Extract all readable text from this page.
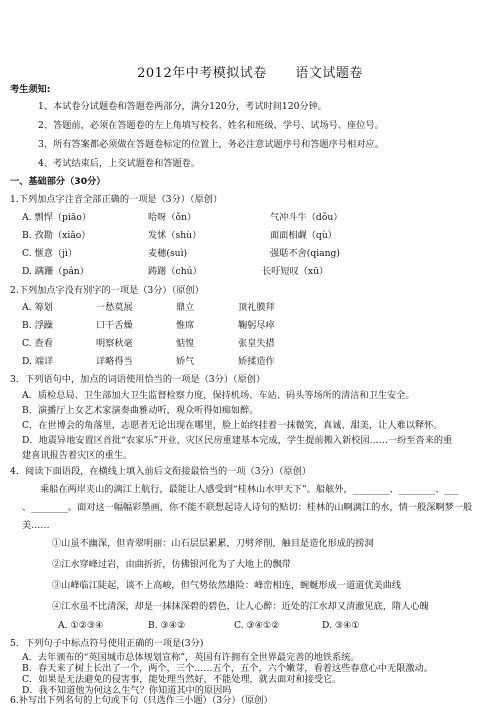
2012年中考模拟试卷 语文试题卷
考生须知:
1、本试卷分试题卷和答题卷两部分，满分120分，考试时间120分钟。
2、答题前，必须在答题卷的左上角填写校名、姓名和班级、学号、试场号、座位号。
3、所有答案都必须做在答题卷标定的位置上，务必注意试题序号和答题序号相对应。
4、考试结束后，上交试题卷和答题卷。
一、基础部分（30分）
1.下列加点字注音全部正确的一项是（3分）（原创）
A. 剽悍（piāo）	哈呀（ǒn）	气冲斗牛（dǒu）
B. 孜勘（xiǎo）	发怵（shù）	面面相觑（qù）
C. 惬意（jì）	麦穗(suì)	强聒不舍(qiang)
D. 蹒跚（pán）	踌躇（chú）	长吁短叹（xū）
2.下列加点字没有别字的一项是（3分）（原创）
A. 筹划	一愁莫展	鼎立	顶礼膜拜
B. 浮躁	口干舌燥	惟席	鞠躬尽瘁
C. 查看	明察秋毫	惦惶	张皇失措
D. 端详	详略得当	娇气	娇揉造作
3．下列语句中，加点的词语使用恰当的一项是（3分）（原创）
A．质检总局、卫生部加大卫生监督检察力度，保持机场、车站、码头等场所的清洁和卫生安全。
B．演播厅上女艺术家演奏曲雅动听，观众听得如痴如醉。
C．在世博会的角落里，志愿者无论出现在哪里，脸上始终挂着一抹微笑，真诚、甜美，让人难以释怀。
D．地震异地安置区首批“农家乐”开业，灾区民房重建基本完成，学生提前搬入新校园……一纷至沓来的重
建喜讯报告着灾区的重生。
4．阅读下面语段，在横线上填入前后文衔接最恰当的一项（3分）（原创）
乘船在两岸夹山的漓江上航行，最能让人感受到“桂林山水甲天下”。船舷外，________、________、___
、________。面对这一幅幅彩墨画，你不能不联想起诗人诗句的贴切：桂林的山啊漓江的水，情一般深啊梦一般
美……
①山虽不幽深，但青翠明丽：山石层层累累，刀劈斧削，触目是造化形成的捞洞
②江水穿峰过岩，由曲折折，仿佛银河化为了大地上的飘带
③山峰临江陡起，谈不上高峻，但气势依然雄险：峰峦相连，蜿蜒形成一道道优美曲线
④江水虽不比清深，却是一抹抹深碧的碧色，让人心醉：近处的江水却又清澈见底，隋人心魄
A. ①②③④	B. ③④②	C. ③④①②	D. ③④①
5．下列句子中标点符号使用正确的一项是(3分)
A．去年颁布的“英国城市总体规划宣称”，英国有许拥有全世界最完善的地铁系统。
B．春天来了树上长出了一个，两个，三个……五个，五个，六个嫩芽，看着这些春意心中无限激动。
C．如果是无法避免的侵害事，能处理当然好，不能处理，就去面对和接受它。
D．我不知道他为何这么生气？你知道其中的原因吗
6.补写出下列名句的上句或下句（只选作三小题）（3分）（原创）
